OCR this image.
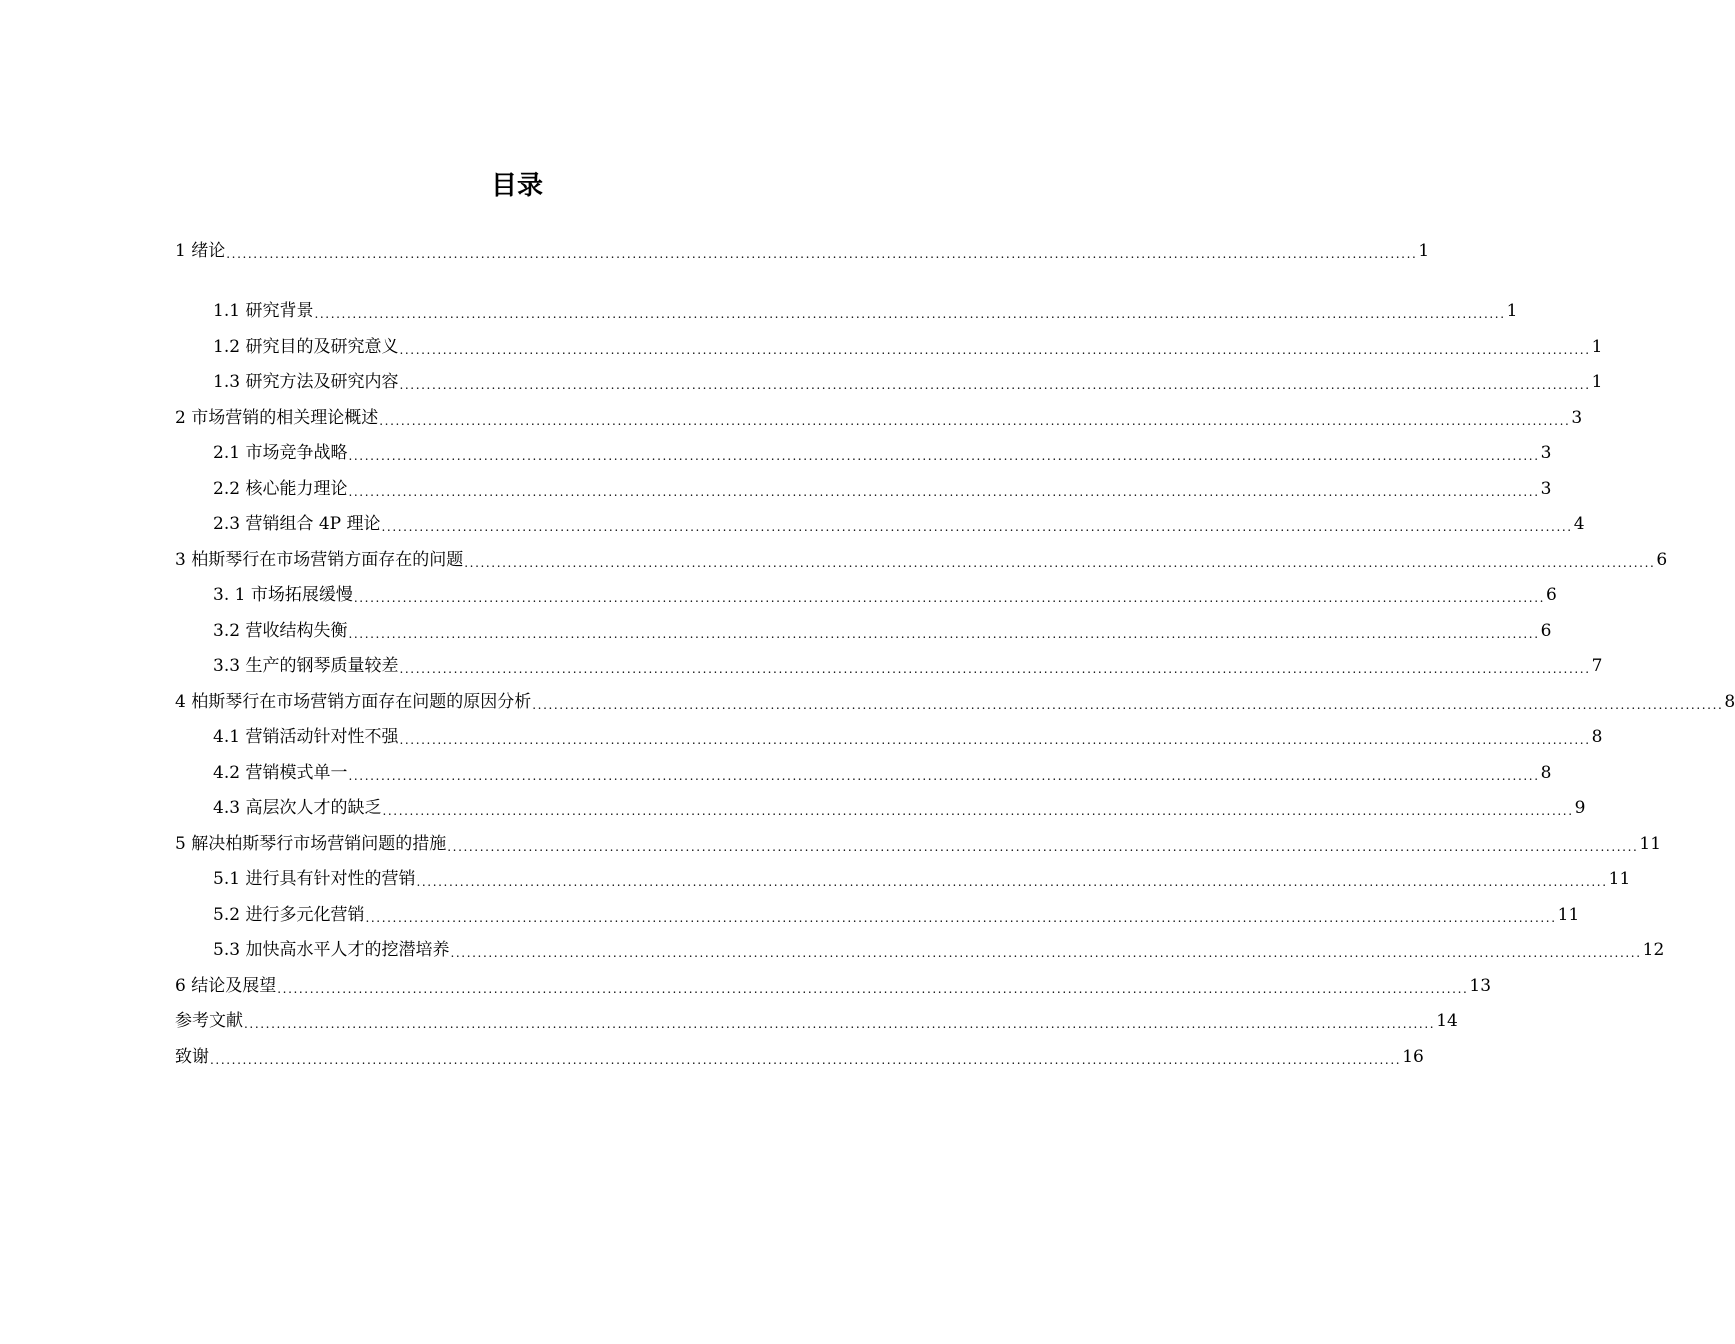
目录
1 绪论 ............................................................................................................................................................................................................................ 1
1.1 研究背景 ............................................................................................................................................................................................................................ 1
1.2 研究目的及研究意义 ............................................................................................................................................................................................................................ 1
1.3 研究方法及研究内容 ............................................................................................................................................................................................................................ 1
2 市场营销的相关理论概述 ............................................................................................................................................................................................................................ 3
2.1 市场竞争战略 ............................................................................................................................................................................................................................ 3
2.2 核心能力理论 ............................................................................................................................................................................................................................ 3
2.3 营销组合 4P 理论 ............................................................................................................................................................................................................................ 4
3 柏斯琴行在市场营销方面存在的问题 ............................................................................................................................................................................................................................ 6
3. 1 市场拓展缓慢 ............................................................................................................................................................................................................................ 6
3.2 营收结构失衡 ............................................................................................................................................................................................................................ 6
3.3 生产的钢琴质量较差 ............................................................................................................................................................................................................................ 7
4 柏斯琴行在市场营销方面存在问题的原因分析 ............................................................................................................................................................................................................................ 8
4.1 营销活动针对性不强 ............................................................................................................................................................................................................................ 8
4.2 营销模式单一 ............................................................................................................................................................................................................................ 8
4.3 高层次人才的缺乏 ............................................................................................................................................................................................................................ 9
5 解决柏斯琴行市场营销问题的措施 ............................................................................................................................................................................................................................ 11
5.1 进行具有针对性的营销 ............................................................................................................................................................................................................................ 11
5.2 进行多元化营销 ............................................................................................................................................................................................................................ 11
5.3 加快高水平人才的挖潜培养 ............................................................................................................................................................................................................................ 12
6 结论及展望 ............................................................................................................................................................................................................................ 13
参考文献 ............................................................................................................................................................................................................................ 14
致谢 ............................................................................................................................................................................................................................ 16
